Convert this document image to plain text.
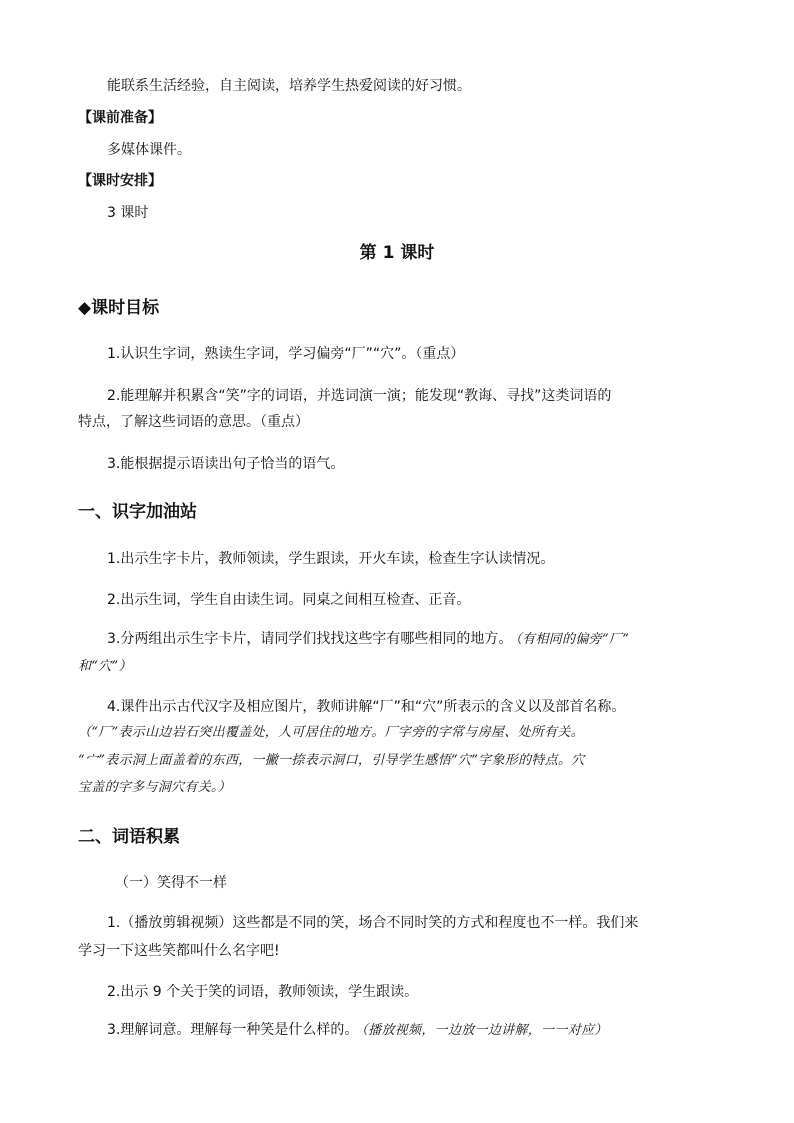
能联系生活经验，自主阅读，培养学生热爱阅读的好习惯。
【课前准备】
多媒体课件。
【课时安排】
3 课时
第 1 课时
◆课时目标
1.认识生字词，熟读生字词，学习偏旁“厂”“穴”。（重点）
2.能理解并积累含“笑”字的词语，并选词演一演；能发现“教诲、寻找”这类词语的
特点，了解这些词语的意思。（重点）
3.能根据提示语读出句子恰当的语气。
一、识字加油站
1.出示生字卡片，教师领读，学生跟读，开火车读，检查生字认读情况。
2.出示生词，学生自由读生词。同桌之间相互检查、正音。
3.分两组出示生字卡片，请同学们找找这些字有哪些相同的地方。 （有相同的偏旁“厂”
和“穴”）
4.课件出示古代汉字及相应图片，教师讲解“厂”和“穴”所表示的含义以及部首名称。
（“厂”表示山边岩石突出覆盖处，人可居住的地方。厂字旁的字常与房屋、处所有关。
“宀”表示洞上面盖着的东西，一撇一捺表示洞口，引导学生感悟“穴”字象形的特点。穴
宝盖的字多与洞穴有关。）
二、词语积累
（一）笑得不一样
1.（播放剪辑视频）这些都是不同的笑，场合不同时笑的方式和程度也不一样。我们来
学习一下这些笑都叫什么名字吧!
2.出示 9 个关于笑的词语，教师领读，学生跟读。
3.理解词意。理解每一种笑是什么样的。 （播放视频，一边放一边讲解，一一对应）
